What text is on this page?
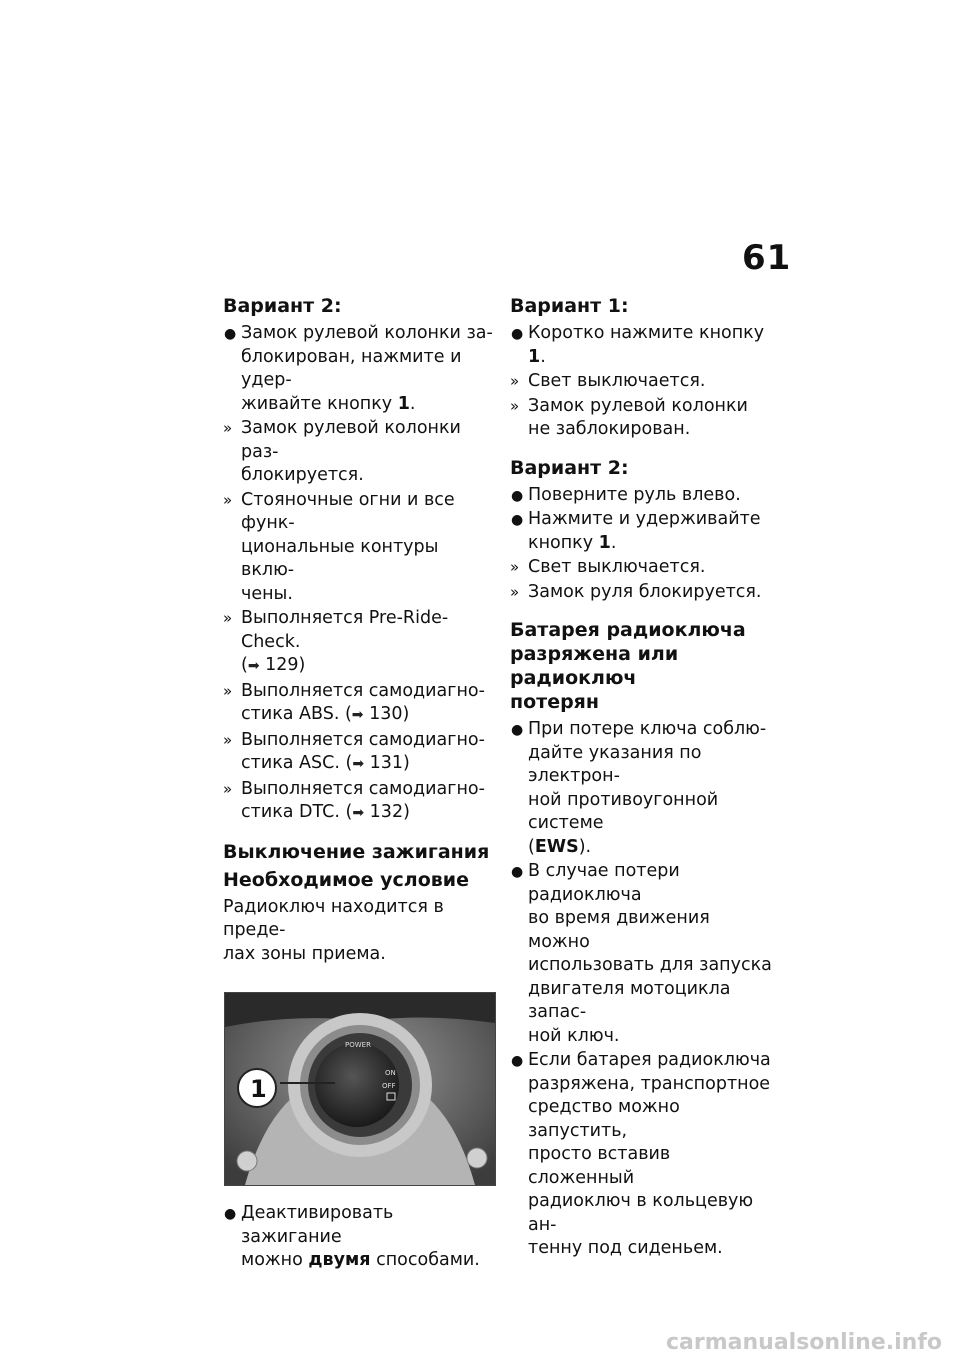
61
Вариант 2:
● Замок рулевой колонки за-
блокирован, нажмите и удер-
живайте кнопку 1.
» Замок рулевой колонки раз-
блокируется.
» Стояночные огни и все функ-
циональные контуры вклю-
чены.
» Выполняется Pre-Ride-Check.
(➡ 129)
» Выполняется самодиагно-
стика ABS. (➡ 130)
» Выполняется самодиагно-
стика ASC. (➡ 131)
» Выполняется самодиагно-
стика DTC. (➡ 132)
Выключение зажигания
Необходимое условие

Радиоключ находится в преде-
лах зоны приема.

POWER
ON
OFF
1
● Деактивировать зажигание
можно двумя способами.
Вариант 1:
● Коротко нажмите кнопку 1.
» Свет выключается.
» Замок рулевой колонки
не заблокирован.
Вариант 2:
● Поверните руль влево.
● Нажмите и удерживайте
кнопку 1.
» Свет выключается.
» Замок руля блокируется.
Батарея радиоключа
разряжена или радиоключ
потерян
● При потере ключа соблю-
дайте указания по электрон-
ной противоугонной системе
(EWS).
● В случае потери радиоключа
во время движения можно
использовать для запуска
двигателя мотоцикла запас-
ной ключ.
● Если батарея радиоключа
разряжена, транспортное
средство можно запустить,
просто вставив сложенный
радиоключ в кольцевую ан-
тенну под сиденьем.
carmanualsonline.info
